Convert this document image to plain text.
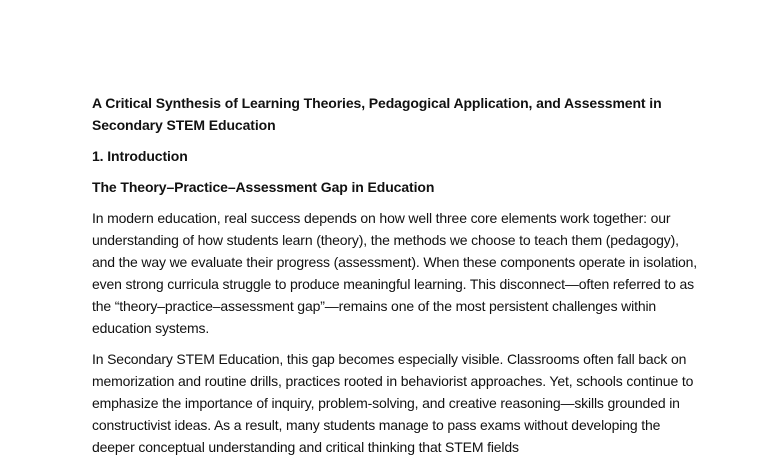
A Critical Synthesis of Learning Theories, Pedagogical Application, and Assessment in Secondary STEM Education
1. Introduction
The Theory–Practice–Assessment Gap in Education

In modern education, real success depends on how well three core elements work together: our understanding of how students learn (theory), the methods we choose to teach them (pedagogy), and the way we evaluate their progress (assessment). When these components operate in isolation, even strong curricula struggle to produce meaningful learning. This disconnect—often referred to as the “theory–practice–assessment gap”—remains one of the most persistent challenges within education systems.

In Secondary STEM Education, this gap becomes especially visible. Classrooms often fall back on memorization and routine drills, practices rooted in behaviorist approaches. Yet, schools continue to emphasize the importance of inquiry, problem-solving, and creative reasoning—skills grounded in constructivist ideas. As a result, many students manage to pass exams without developing the deeper conceptual understanding and critical thinking that STEM fields
